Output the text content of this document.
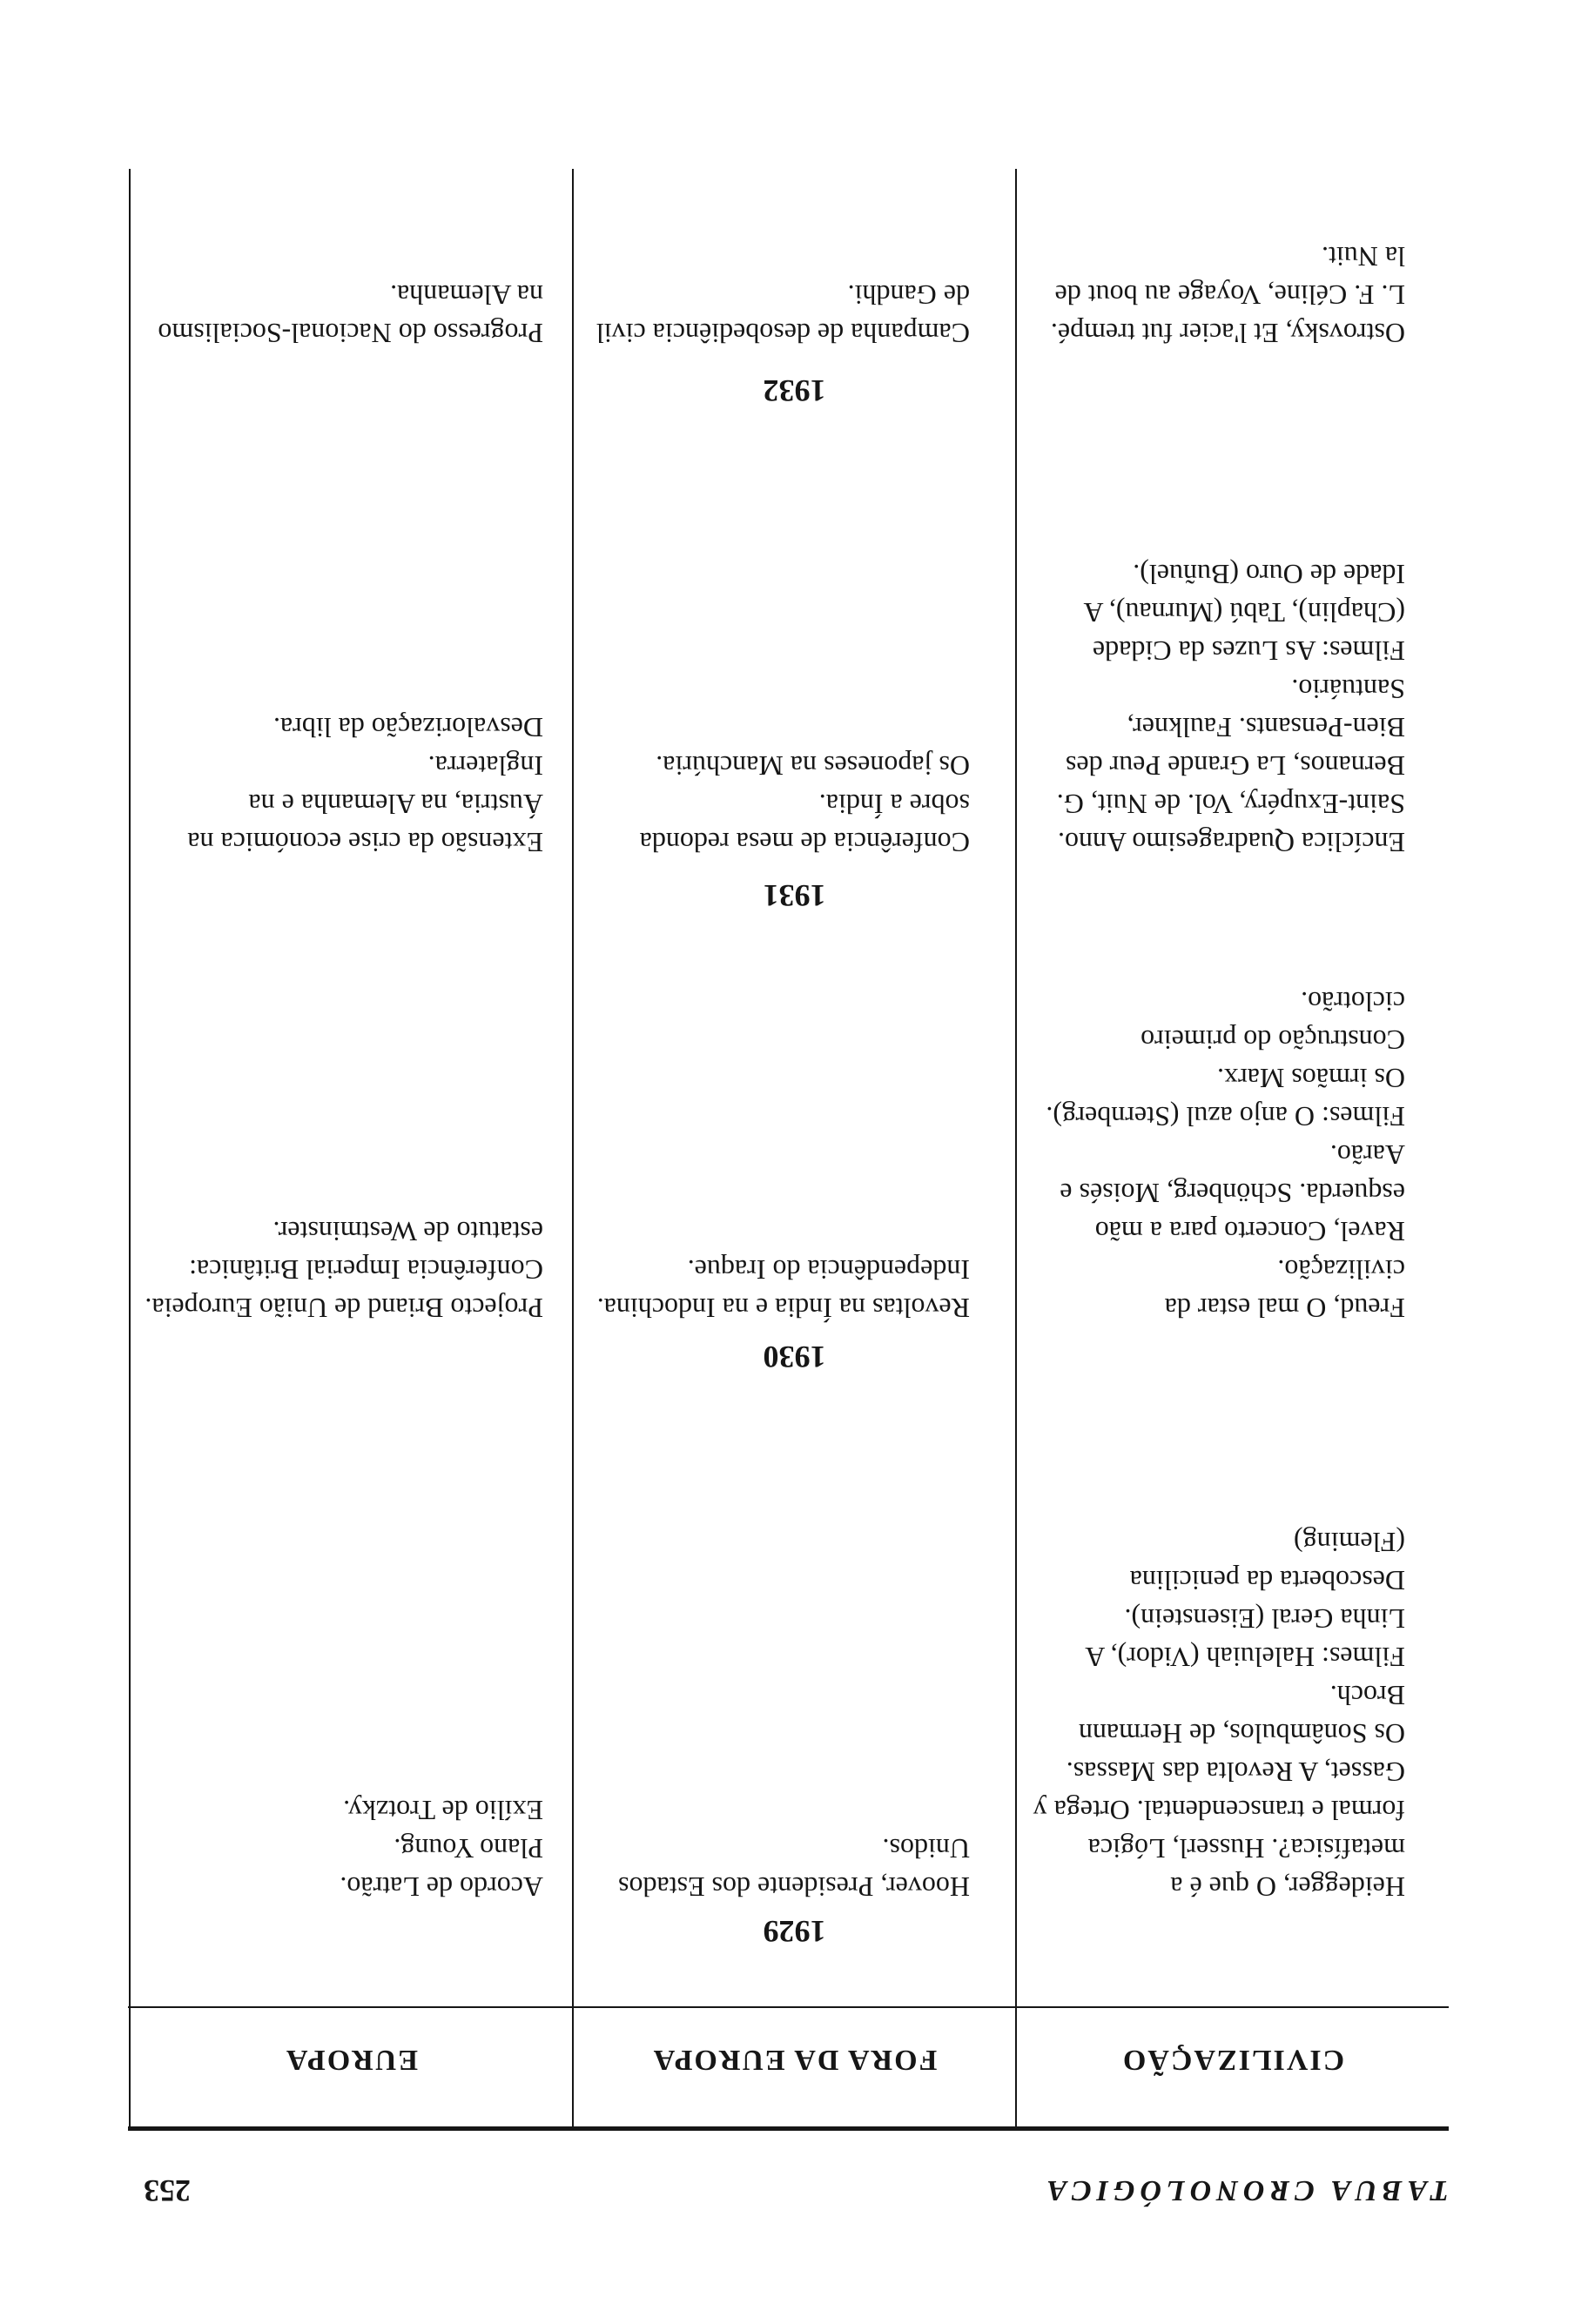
TABUA CRONOLÓGICA
253
CIVILIZAÇÃO
FORA DA EUROPA
EUROPA
1929
Acordo de Latrão.
Plano Young.
Exílio de Trotzky.
Hoover, Presidente dos Estados Unidos.
Heidegger, O que é a metafísica?. Husserl, Lógica formal e transcendental. Ortega y Gasset, A Revolta das Massas.
Os Sonâmbulos, de Hermann Broch.
Filmes: Haleluiah (Vidor), A Linha Geral (Eisenstein).
Descoberta da penicilina (Fleming)
1930
Projecto Briand de União Europeia.
Conferência Imperial Britânica: estatuto de Westminster.
Revoltas na Índia e na Indochina.
Independência do Iraque.
Freud, O mal estar da civilização.
Ravel, Concerto para a mão esquerda. Schönberg, Moisés e Aarão.
Filmes: O anjo azul (Sternberg). Os irmãos Marx.
Construção do primeiro ciclotrão.
1931
Extensão da crise económica na Áustria, na Alemanha e na Inglaterra.
Desvalorização da libra.
Conferência de mesa redonda sobre a Índia.
Os japoneses na Manchúria.
Encíclica Quadragesimo Anno.
Saint-Exupéry, Vol. de Nuit, G. Bernanos, La Grande Peur des Bien-Pensants. Faulkner, Santuário.
Filmes: As Luzes da Cidade (Chaplin), Tabú (Murnau), A Idade de Ouro (Buñuel).
1932
Progresso do Nacional-Socialismo na Alemanha.
Campanha de desobediência civil de Gandhi.
Ostrovsky, Et l'acier fut trempé. L. F. Céline, Voyage au bout de la Nuit.
